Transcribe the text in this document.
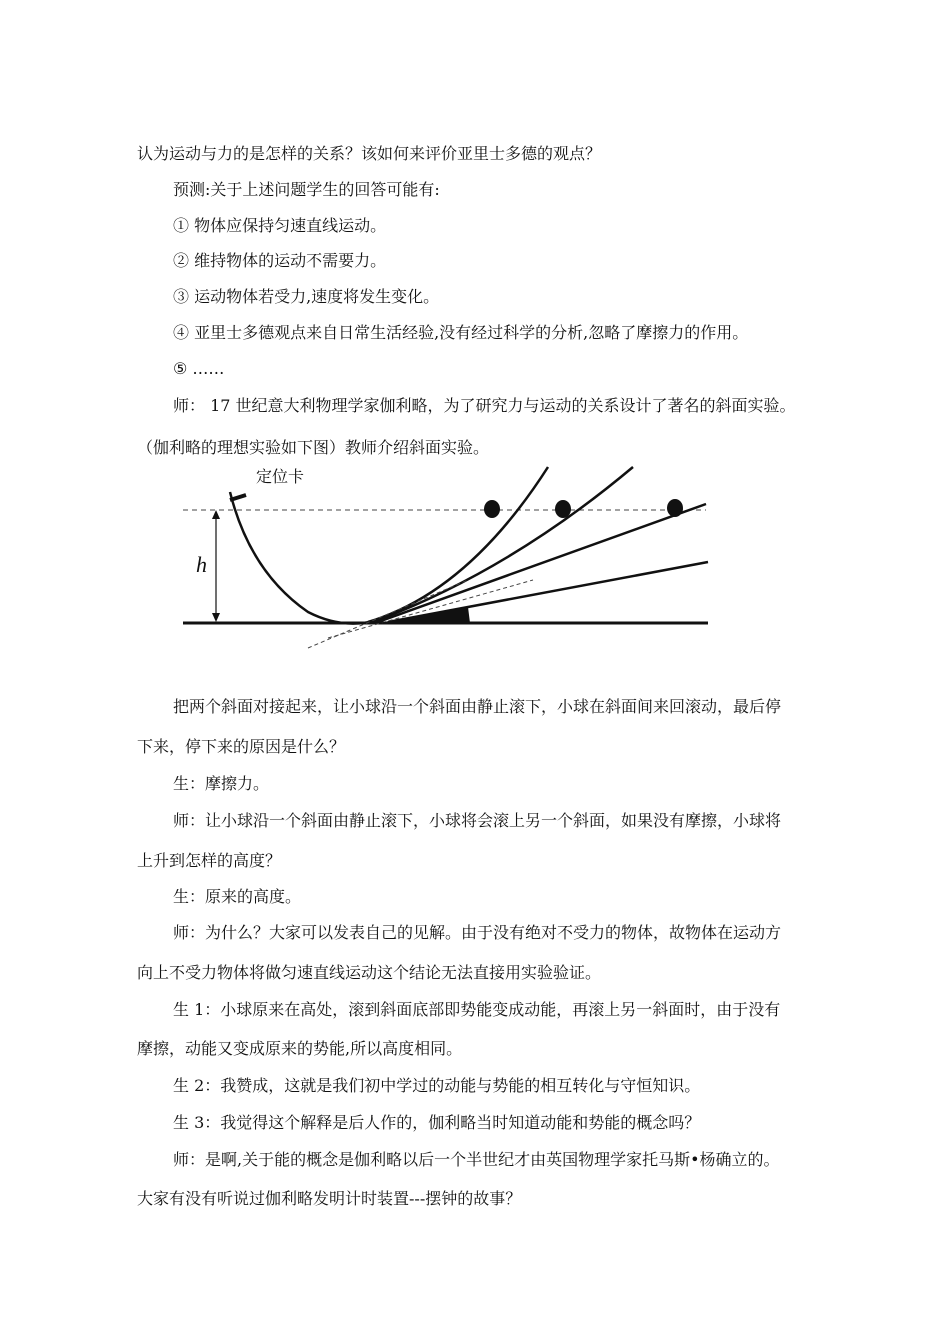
认为运动与力的是怎样的关系？该如何来评价亚里士多德的观点？

预测:关于上述问题学生的回答可能有:

① 物体应保持匀速直线运动。

② 维持物体的运动不需要力。

③ 运动物体若受力,速度将发生变化。

④ 亚里士多德观点来自日常生活经验,没有经过科学的分析,忽略了摩擦力的作用。

⑤ ……

师： 17 世纪意大利物理学家伽利略，为了研究力与运动的关系设计了著名的斜面实验。

（伽利略的理想实验如下图）教师介绍斜面实验。

定位卡
h

把两个斜面对接起来，让小球沿一个斜面由静止滚下，小球在斜面间来回滚动，最后停

下来，停下来的原因是什么？

生：摩擦力。

师：让小球沿一个斜面由静止滚下，小球将会滚上另一个斜面，如果没有摩擦，小球将

上升到怎样的高度？

生：原来的高度。

师：为什么？大家可以发表自己的见解。由于没有绝对不受力的物体，故物体在运动方

向上不受力物体将做匀速直线运动这个结论无法直接用实验验证。

生 1：小球原来在高处，滚到斜面底部即势能变成动能，再滚上另一斜面时，由于没有

摩擦，动能又变成原来的势能,所以高度相同。

生 2：我赞成，这就是我们初中学过的动能与势能的相互转化与守恒知识。

生 3：我觉得这个解释是后人作的，伽利略当时知道动能和势能的概念吗？

师：是啊,关于能的概念是伽利略以后一个半世纪才由英国物理学家托马斯•杨确立的。

大家有没有听说过伽利略发明计时装置---摆钟的故事？
